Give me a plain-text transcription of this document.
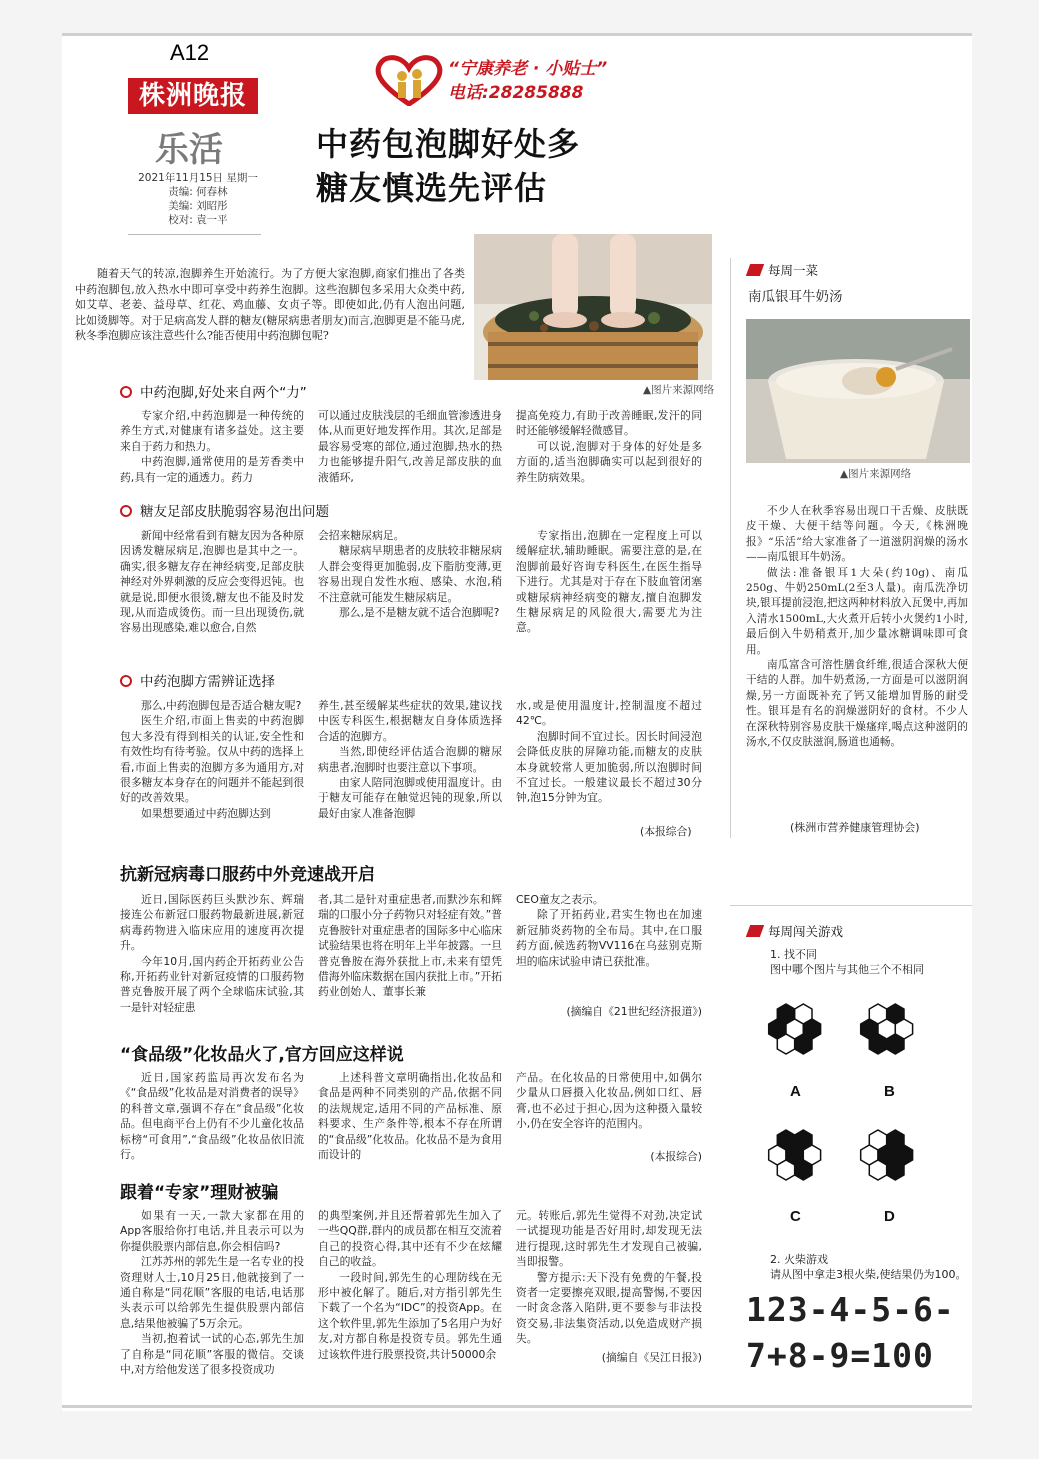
A12
株洲晚报
乐活
2021年11月15日 星期一
责编: 何春林
美编: 刘昭彤
校对: 袁一平
“宁康养老 · 小贴士”
电话:28285888
中药包泡脚好处多
糖友慎选先评估
▲图片来源网络
随着天气的转凉,泡脚养生开始流行。为了方便大家泡脚,商家们推出了各类中药泡脚包,放入热水中即可享受中药养生泡脚。这些泡脚包多采用大众类中药,如艾草、老姜、益母草、红花、鸡血藤、女贞子等。即使如此,仍有人泡出问题,比如烫脚等。对于足病高发人群的糖友(糖尿病患者朋友)而言,泡脚更是不能马虎,秋冬季泡脚应该注意些什么?能否使用中药泡脚包呢?
中药泡脚,好处来自两个“力”

专家介绍,中药泡脚是一种传统的养生方式,对健康有诸多益处。这主要来自于药力和热力。

中药泡脚,通常使用的是芳香类中药,具有一定的通透力。药力

可以通过皮肤浅层的毛细血管渗透进身体,从而更好地发挥作用。其次,足部是最容易受寒的部位,通过泡脚,热水的热力也能够提升阳气,改善足部皮肤的血液循环,

提高免疫力,有助于改善睡眠,发汗的同时还能够缓解轻微感冒。

可以说,泡脚对于身体的好处是多方面的,适当泡脚确实可以起到很好的养生防病效果。

糖友足部皮肤脆弱容易泡出问题

新闻中经常看到有糖友因为各种原因诱发糖尿病足,泡脚也是其中之一。确实,很多糖友存在神经病变,足部皮肤神经对外界刺激的反应会变得迟钝。也就是说,即便水很烫,糖友也不能及时发现,从而造成烫伤。而一旦出现烫伤,就容易出现感染,难以愈合,自然

会招来糖尿病足。

糖尿病早期患者的皮肤较非糖尿病人群会变得更加脆弱,皮下脂肪变薄,更容易出现自发性水疱、感染、水泡,稍不注意就可能发生糖尿病足。

那么,是不是糖友就不适合泡脚呢?

专家指出,泡脚在一定程度上可以缓解症状,辅助睡眠。需要注意的是,在泡脚前最好咨询专科医生,在医生指导下进行。尤其是对于存在下肢血管闭塞或糖尿病神经病变的糖友,擅自泡脚发生糖尿病足的风险很大,需要尤为注意。

中药泡脚方需辨证选择

那么,中药泡脚包是否适合糖友呢?

医生介绍,市面上售卖的中药泡脚包大多没有得到相关的认证,安全性和有效性均有待考验。仅从中药的选择上看,市面上售卖的泡脚方多为通用方,对很多糖友本身存在的问题并不能起到很好的改善效果。

如果想要通过中药泡脚达到

养生,甚至缓解某些症状的效果,建议找中医专科医生,根据糖友自身体质选择合适的泡脚方。

当然,即使经评估适合泡脚的糖尿病患者,泡脚时也要注意以下事项。

由家人陪同泡脚或使用温度计。由于糖友可能存在触觉迟钝的现象,所以最好由家人准备泡脚

水,或是使用温度计,控制温度不超过42℃。

泡脚时间不宜过长。因长时间浸泡会降低皮肤的屏障功能,而糖友的皮肤本身就较常人更加脆弱,所以泡脚时间不宜过长。一般建议最长不超过30分钟,泡15分钟为宜。

(本报综合)
抗新冠病毒口服药中外竞速战开启

近日,国际医药巨头默沙东、辉瑞接连公布新冠口服药物最新进展,新冠病毒药物进入临床应用的速度再次提升。

今年10月,国内药企开拓药业公告称,开拓药业针对新冠疫情的口服药物普克鲁胺开展了两个全球临床试验,其一是针对轻症患

者,其二是针对重症患者,而默沙东和辉瑞的口服小分子药物只对轻症有效。”普克鲁胺针对重症患者的国际多中心临床试验结果也将在明年上半年披露。一旦普克鲁胺在海外获批上市,未来有望凭借海外临床数据在国内获批上市。”开拓药业创始人、董事长兼

CEO童友之表示。

除了开拓药业,君实生物也在加速新冠肺炎药物的全布局。其中,在口服药方面,候选药物VV116在乌兹别克斯坦的临床试验申请已获批准。

(摘编自《21世纪经济报道》)
“食品级”化妆品火了,官方回应这样说

近日,国家药监局再次发布名为《“食品级”化妆品是对消费者的误导》的科普文章,强调不存在“食品级”化妆品。但电商平台上仍有不少儿童化妆品标榜“可食用”,“食品级”化妆品依旧流行。

上述科普文章明确指出,化妆品和食品是两种不同类别的产品,依据不同的法规规定,适用不同的产品标准、原料要求、生产条件等,根本不存在所谓的“食品级”化妆品。化妆品不是为食用而设计的

产品。在化妆品的日常使用中,如偶尔少量从口唇摄入化妆品,例如口红、唇膏,也不必过于担心,因为这种摄入量较小,仍在安全容许的范围内。

(本报综合)
跟着“专家”理财被骗

如果有一天,一款大家都在用的App客服给你打电话,并且表示可以为你提供股票内部信息,你会相信吗?

江苏苏州的郭先生是一名专业的投资理财人士,10月25日,他就接到了一通自称是“同花顺”客服的电话,电话那头表示可以给郭先生提供股票内部信息,结果他被骗了5万余元。

当初,抱着试一试的心态,郭先生加了自称是“同花顺”客服的微信。交谈中,对方给他发送了很多投资成功

的典型案例,并且还帮着郭先生加入了一些QQ群,群内的成员都在相互交流着自己的投资心得,其中还有不少在炫耀自己的收益。

一段时间,郭先生的心理防线在无形中被化解了。随后,对方指引郭先生下载了一个名为“IDC”的投资App。在这个软件里,郭先生添加了5名用户为好友,对方都自称是投资专员。郭先生通过该软件进行股票投资,共计50000余

元。转账后,郭先生觉得不对劲,决定试一试提现功能是否好用时,却发现无法进行提现,这时郭先生才发现自己被骗,当即报警。

警方提示:天下没有免费的午餐,投资者一定要擦亮双眼,提高警惕,不要因一时贪念落入陷阱,更不要参与非法投资交易,非法集资活动,以免造成财产损失。

(摘编自《吴江日报》)
每周一菜
南瓜银耳牛奶汤
▲图片来源网络

不少人在秋季容易出现口干舌燥、皮肤既皮干燥、大便干结等问题。今天,《株洲晚报》“乐活”给大家准备了一道滋阴润燥的汤水——南瓜银耳牛奶汤。

做法:准备银耳1大朵(约10g)、南瓜250g、牛奶250mL(2至3人量)。南瓜洗净切块,银耳提前浸泡,把这两种材料放入瓦煲中,再加入清水1500mL,大火煮开后转小火煲约1小时,最后倒入牛奶稍煮开,加少量冰糖调味即可食用。

南瓜富含可溶性膳食纤维,很适合深秋大便干结的人群。加牛奶煮汤,一方面是可以滋阴润燥,另一方面既补充了钙又能增加胃肠的耐受性。银耳是有名的润燥滋阴好的食材。不少人在深秋特别容易皮肤干燥瘙痒,喝点这种滋阴的汤水,不仅皮肤滋润,肠道也通畅。

(株洲市营养健康管理协会)
每周闯关游戏
1. 找不同
图中哪个图片与其他三个不相同
A	B
C	D
2. 火柴游戏
请从图中拿走3根火柴,使结果仍为100。
123-4-5-6-
7+8-9=100
